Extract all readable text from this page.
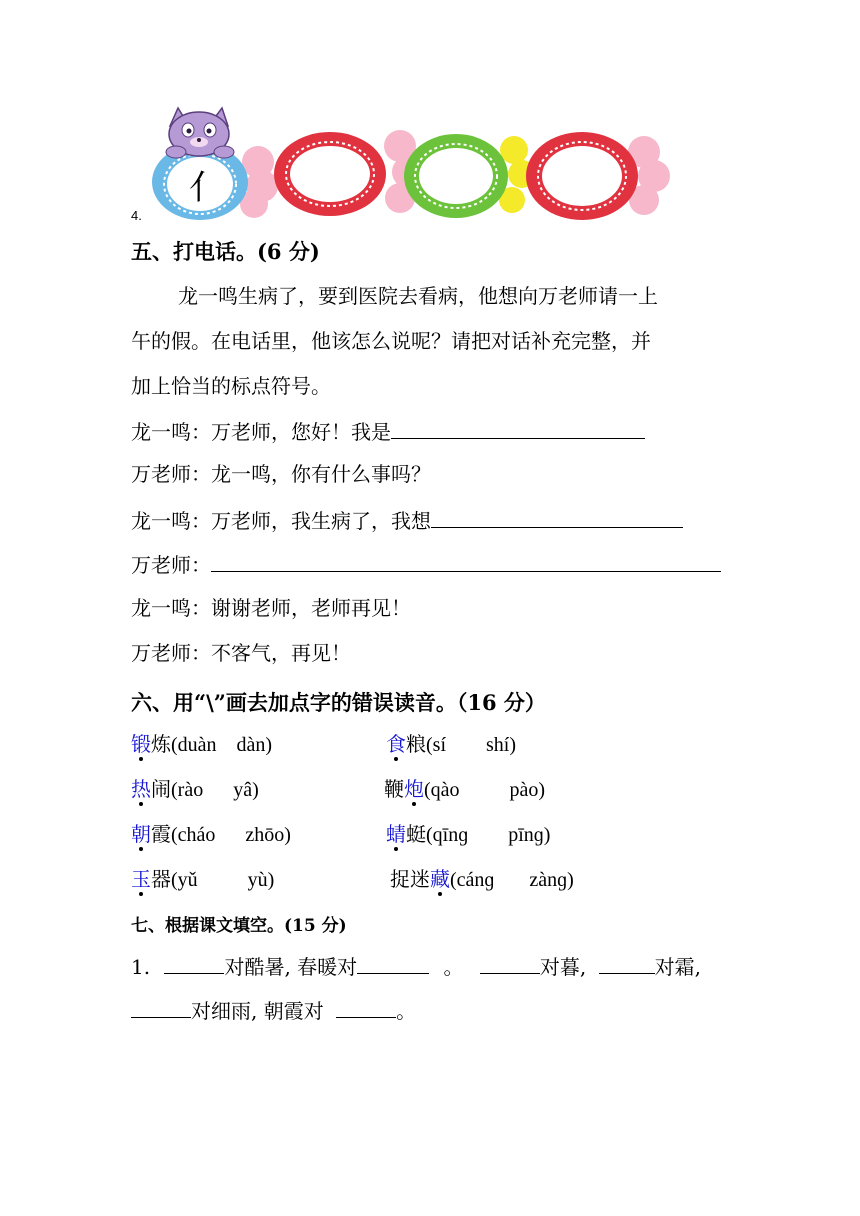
4.
亻
五、打电话。(6 分)
龙一鸣生病了，要到医院去看病，他想向万老师请一上
午的假。在电话里，他该怎么说呢？请把对话补充完整，并
加上恰当的标点符号。
龙一鸣：万老师，您好！我是
万老师：龙一鸣，你有什么事吗？
龙一鸣：万老师，我生病了，我想
万老师：
龙一鸣：谢谢老师，老师再见！
万老师：不客气，再见！
六、用“\”画去加点字的错误读音。（16 分）
锻炼(duàn    dàn)	食粮(sí        shí)
热闹(rào      yâ)	鞭炮(qào          pào)
朝霞(cháo      zhōo)	蜻蜓(qīnɡ        pīnɡ)
玉器(yǔ          yù)	捉迷藏(cánɡ       zànɡ)
七、根据课文填空。(15 分)
1.	对酷暑, 春暖对	。	对暮,	对霜,
对细雨, 朝霞对	。
